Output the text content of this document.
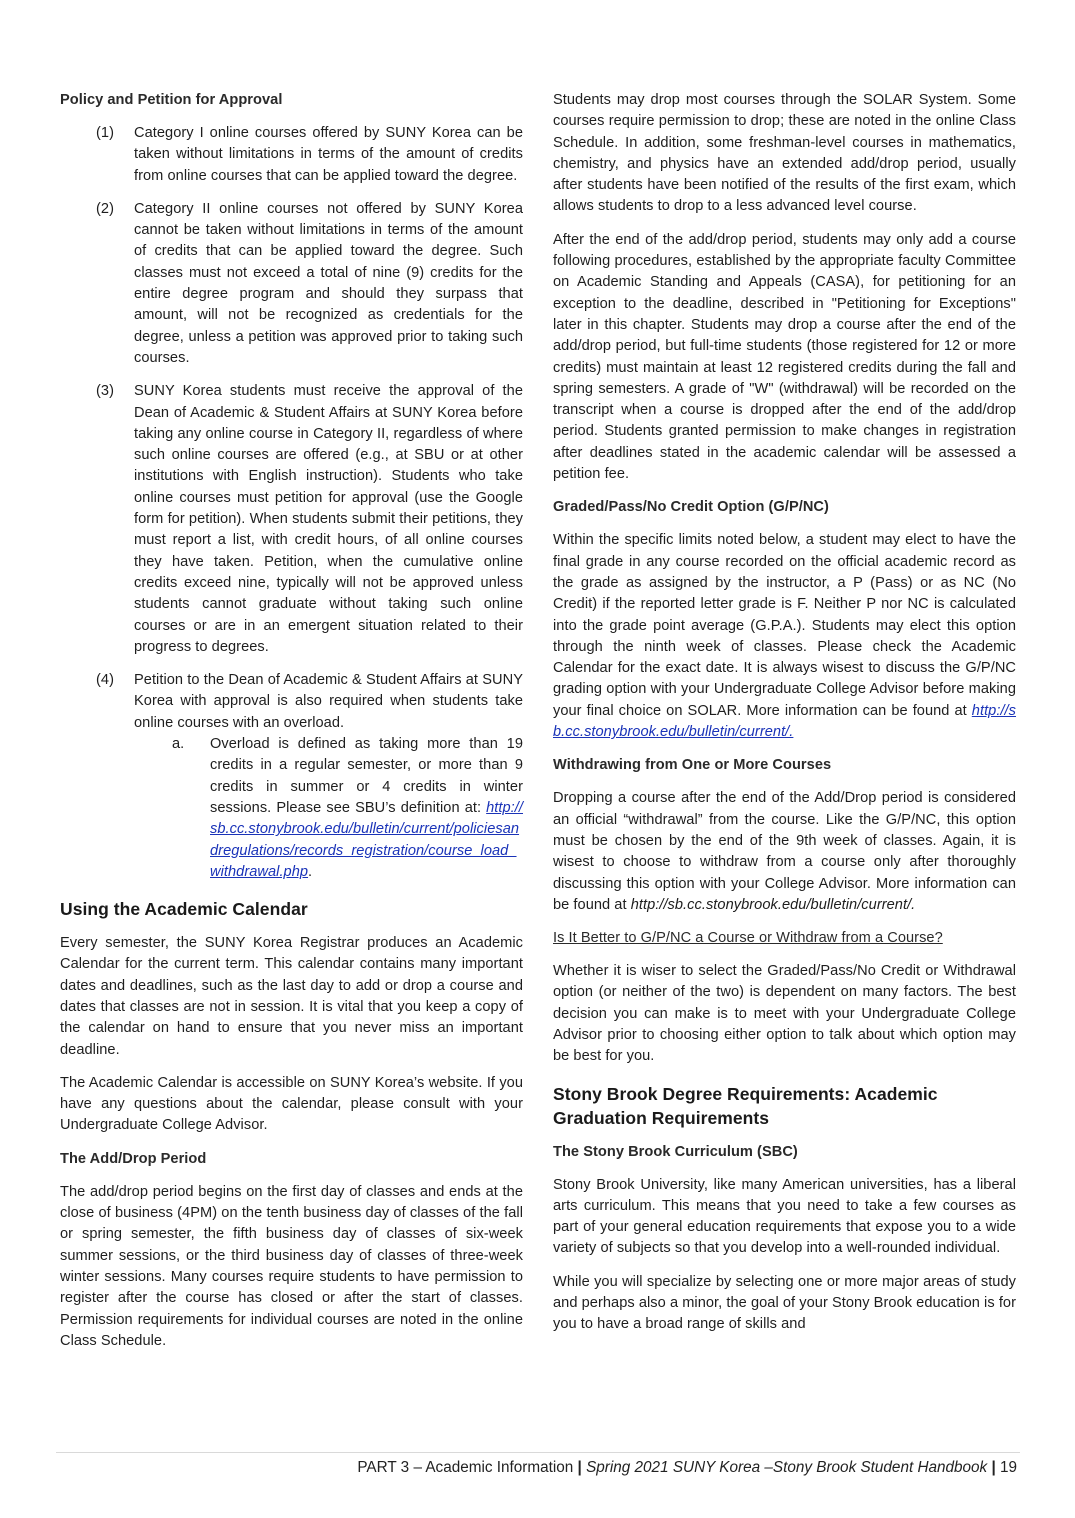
Policy and Petition for Approval
(1)	Category I online courses offered by SUNY Korea can be taken without limitations in terms of the amount of credits from online courses that can be applied toward the degree.
(2)	Category II online courses not offered by SUNY Korea cannot be taken without limitations in terms of the amount of credits that can be applied toward the degree. Such classes must not exceed a total of nine (9) credits for the entire degree program and should they surpass that amount, will not be recognized as credentials for the degree, unless a petition was approved prior to taking such courses.
(3)	SUNY Korea students must receive the approval of the Dean of Academic & Student Affairs at SUNY Korea before taking any online course in Category II, regardless of where such online courses are offered (e.g., at SBU or at other institutions with English instruction). Students who take online courses must petition for approval (use the Google form for petition). When students submit their petitions, they must report a list, with credit hours, of all online courses they have taken. Petition, when the cumulative online credits exceed nine, typically will not be approved unless students cannot graduate without taking such online courses or are in an emergent situation related to their progress to degrees.
(4)	Petition to the Dean of Academic & Student Affairs at SUNY Korea with approval is also required when students take online courses with an overload.
a.	Overload is defined as taking more than 19 credits in a regular semester, or more than 9 credits in summer or 4 credits in winter sessions. Please see SBU’s definition at: http://sb.cc.stonybrook.edu/bulletin/current/policiesandregulations/records_registration/course_load_withdrawal.php.
Using the Academic Calendar

Every semester, the SUNY Korea Registrar produces an Academic Calendar for the current term. This calendar contains many important dates and deadlines, such as the last day to add or drop a course and dates that classes are not in session. It is vital that you keep a copy of the calendar on hand to ensure that you never miss an important deadline.

The Academic Calendar is accessible on SUNY Korea’s website. If you have any questions about the calendar, please consult with your Undergraduate College Advisor.

The Add/Drop Period

The add/drop period begins on the first day of classes and ends at the close of business (4PM) on the tenth business day of classes of the fall or spring semester, the fifth business day of classes of six-week summer sessions, or the third business day of classes of three-week winter sessions. Many courses require students to have permission to register after the course has closed or after the start of classes. Permission requirements for individual courses are noted in the online Class Schedule.

Students may drop most courses through the SOLAR System. Some courses require permission to drop; these are noted in the online Class Schedule. In addition, some freshman-level courses in mathematics, chemistry, and physics have an extended add/drop period, usually after students have been notified of the results of the first exam, which allows students to drop to a less advanced level course.

After the end of the add/drop period, students may only add a course following procedures, established by the appropriate faculty Committee on Academic Standing and Appeals (CASA), for petitioning for an exception to the deadline, described in "Petitioning for Exceptions" later in this chapter. Students may drop a course after the end of the add/drop period, but full-time students (those registered for 12 or more credits) must maintain at least 12 registered credits during the fall and spring semesters. A grade of "W" (withdrawal) will be recorded on the transcript when a course is dropped after the end of the add/drop period. Students granted permission to make changes in registration after deadlines stated in the academic calendar will be assessed a petition fee.

Graded/Pass/No Credit Option (G/P/NC)

Within the specific limits noted below, a student may elect to have the final grade in any course recorded on the official academic record as the grade as assigned by the instructor, a P (Pass) or as NC (No Credit) if the reported letter grade is F. Neither P nor NC is calculated into the grade point average (G.P.A.). Students may elect this option through the ninth week of classes. Please check the Academic Calendar for the exact date. It is always wisest to discuss the G/P/NC grading option with your Undergraduate College Advisor before making your final choice on SOLAR. More information can be found at http://sb.cc.stonybrook.edu/bulletin/current/.

Withdrawing from One or More Courses

Dropping a course after the end of the Add/Drop period is considered an official “withdrawal” from the course. Like the G/P/NC, this option must be chosen by the end of the 9th week of classes. Again, it is wisest to choose to withdraw from a course only after thoroughly discussing this option with your College Advisor. More information can be found at http://sb.cc.stonybrook.edu/bulletin/current/.

Is It Better to G/P/NC a Course or Withdraw from a Course?

Whether it is wiser to select the Graded/Pass/No Credit or Withdrawal option (or neither of the two) is dependent on many factors. The best decision you can make is to meet with your Undergraduate College Advisor prior to choosing either option to talk about which option may be best for you.

Stony Brook Degree Requirements: Academic Graduation Requirements
The Stony Brook Curriculum (SBC)

Stony Brook University, like many American universities, has a liberal arts curriculum. This means that you need to take a few courses as part of your general education requirements that expose you to a wide variety of subjects so that you develop into a well-rounded individual.

While you will specialize by selecting one or more major areas of study and perhaps also a minor, the goal of your Stony Brook education is for you to have a broad range of skills and

PART 3 – Academic Information | Spring 2021 SUNY Korea –Stony Brook Student Handbook | 19
